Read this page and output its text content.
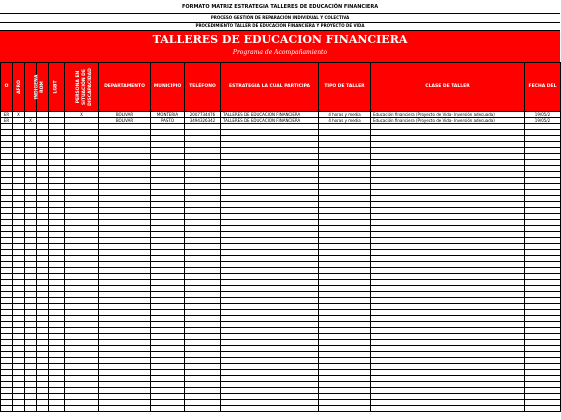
FORMATO MATRIZ ESTRATEGIA TALLERES DE EDUCACIÓN FINANCIERA
PROCESO GESTIÓN DE REPARACIÓN INDIVIDUAL Y COLECTIVA
PROCEDIMIENTO TALLER DE EDUCACIÓN FINANCIERA Y PROYECTO DE VIDA
TALLERES DE EDUCACION FINANCIERA
Programa de Acompañamiento
O	AFRO	INDIGENA	ROM	LGBT	PERSONA EN SITUACIÓN DE DISCAPACIDAD	DEPARTAMENTO	MUNICIPIO	TELÉFONO	ESTRATEGIA LA CUAL PARTICIPA	TIPO DE TALLER	CLASE DE TALLER	FECHA DEL
ER	X				X	BOLIVAR	MONTERIA	2007734476	TALLERES DE EDUCACION FINANCIERA	4 horas y media	Educación financiera (Proyecto de Vida- Inversión adecuada)	19/05/2
ER		X				BOLIVAR	PASTO	3494326342	TALLERES DE EDUCACION FINANCIERA	4 horas y media	Educación financiera (Proyecto de Vida- Inversión adecuada)	19/05/2
